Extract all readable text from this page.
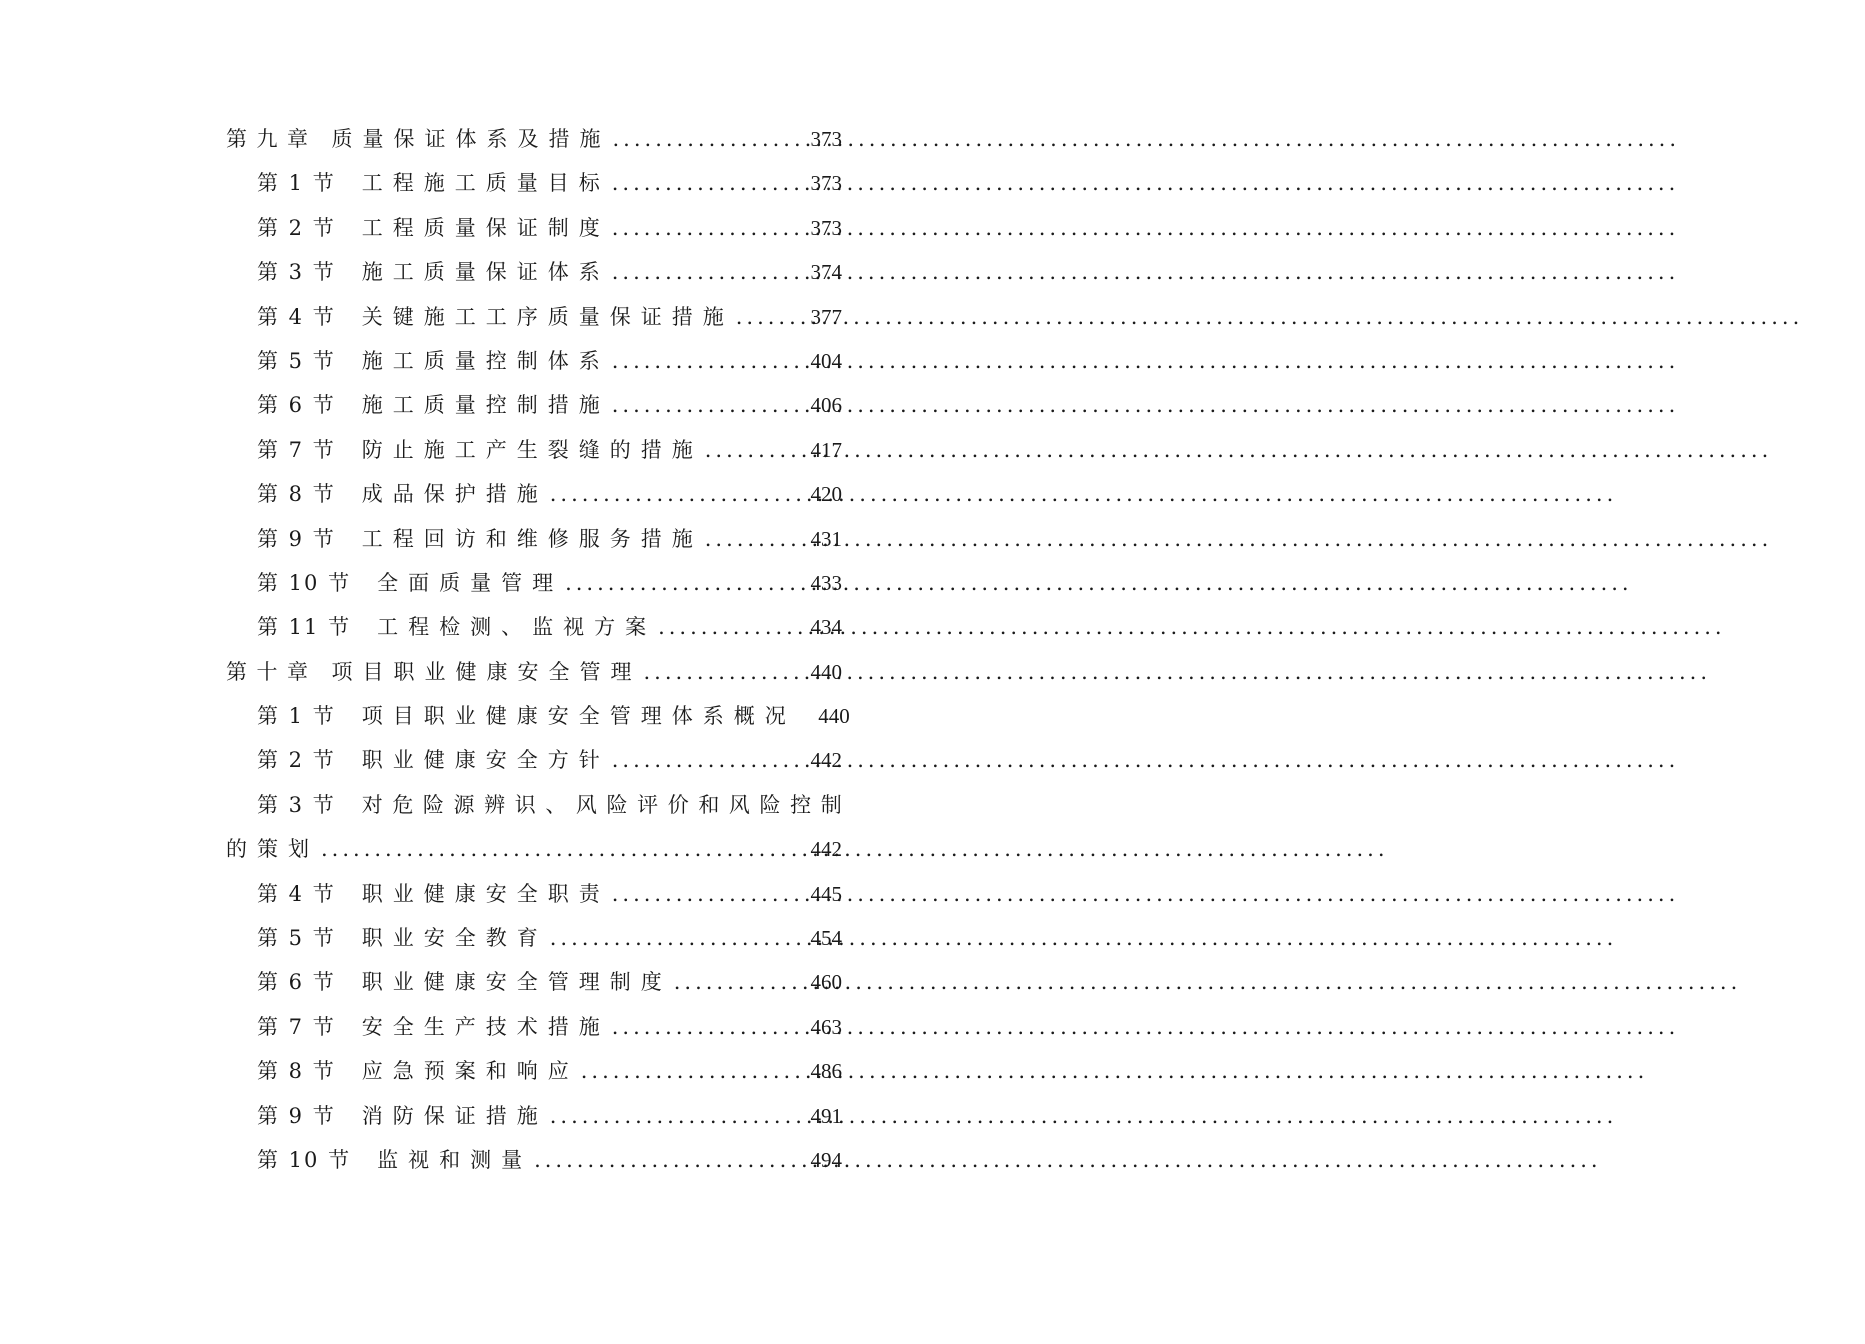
第九章 质量保证体系及措施 .....	373
第 1 节 工程施工质量目标 .....	373
第 2 节 工程质量保证制度 .....	373
第 3 节 施工质量保证体系 .....	374
第 4 节 关键施工工序质量保证措施 .....	377
第 5 节 施工质量控制体系 .....	404
第 6 节 施工质量控制措施 .....	406
第 7 节 防止施工产生裂缝的措施 .....	417
第 8 节 成品保护措施 .....	420
第 9 节 工程回访和维修服务措施 .....	431
第 10 节 全面质量管理 .....	433
第 11 节 工程检测、监视方案 .....	434
第十章 项目职业健康安全管理 .....	440
第 1 节 项目职业健康安全管理体系概况	440
第 2 节 职业健康安全方针 .....	442
第 3 节 对危险源辨识、风险评价和风险控制
的策划 .....	442
第 4 节 职业健康安全职责 .....	445
第 5 节 职业安全教育 .....	454
第 6 节 职业健康安全管理制度 .....	460
第 7 节 安全生产技术措施 .....	463
第 8 节 应急预案和响应 .....	486
第 9 节 消防保证措施 .....	491
第 10 节 监视和测量 .....	494
